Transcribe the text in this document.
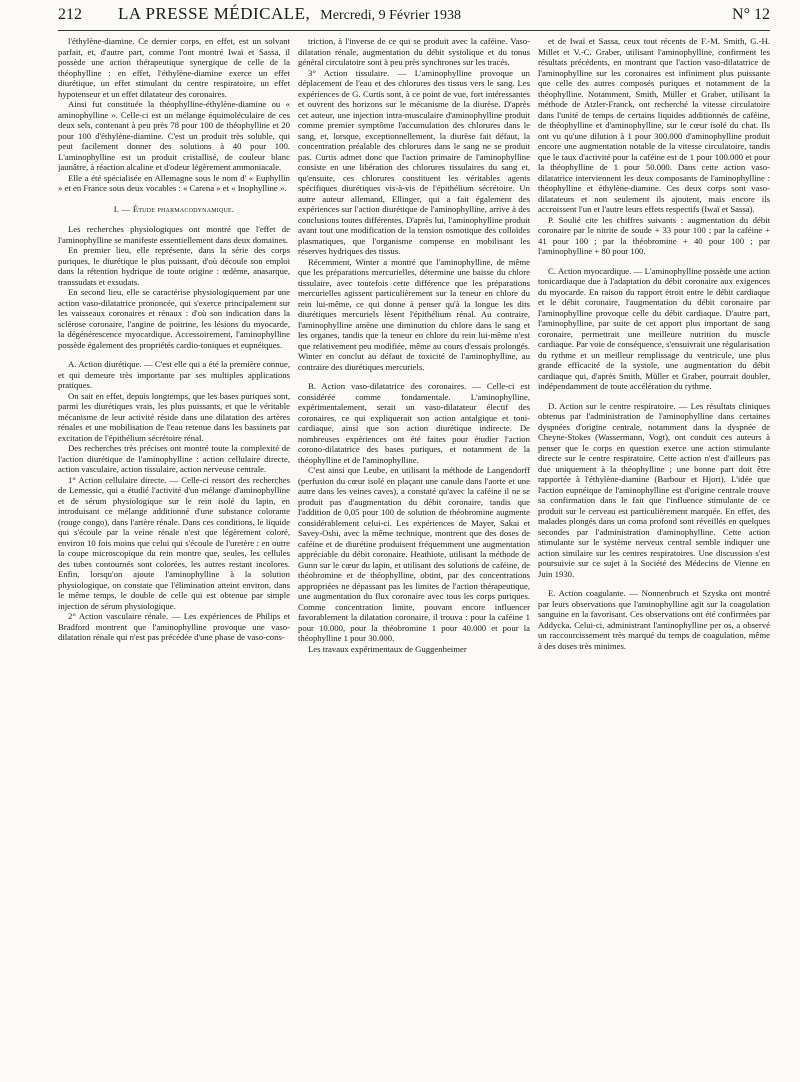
212	LA PRESSE MÉDICALE, Mercredi, 9 Février 1938	N° 12

l'éthylène-diamine. Ce dernier corps, en effet, est un solvant parfait, et, d'autre part, comme l'ont montré Iwaï et Sassa, il possède une action thérapeutique synergique de celle de la théophylline : en effet, l'éthylène-diamine exerce un effet diurétique, un effet stimulant du centre respiratoire, un effet hypotenseur et un effet dilatateur des coronaires.

Ainsi fut constituée la théophylline-éthylène-diamine ou « aminophylline ». Celle-ci est un mélange équimoléculaire de ces deux sels, contenant à peu près 78 pour 100 de théophylline et 20 pour 100 d'éthylène-diamine. C'est un produit très soluble, qui peut facilement donner des solutions à 40 pour 100. L'aminophylline est un produit cristallisé, de couleur blanc jaunâtre, à réaction alcaline et d'odeur légèrement ammoniacale.

Elle a été spécialisée en Allemagne sous le nom d' « Euphyllin » et en France sous deux vocables : « Carena » et « Inophylline ».

I. — Étude pharmacodynamique.

Les recherches physiologiques ont montré que l'effet de l'aminophylline se manifeste essentiellement dans deux domaines.

En premier lieu, elle représente, dans la série des corps puriques, le diurétique le plus puissant, d'où découle son emploi dans la rétention hydrique de toute origine : œdème, anasarque, transsudats et exsudats.

En second lieu, elle se caractérise physiologiquement par une action vaso-dilatatrice prononcée, qui s'exerce principalement sur les vaisseaux coronaires et rénaux : d'où son indication dans la sclérose coronaire, l'angine de poitrine, les lésions du myocarde, la dégénérescence myocardique. Accessoirement, l'aminophylline possède également des propriétés cardio-toniques et eupnéiques.

A. Action diurétique. — C'est elle qui a été la première connue, et qui demeure très importante par ses multiples applications pratiques.

On sait en effet, depuis longtemps, que les bases puriques sont, parmi les diurétiques vrais, les plus puissants, et que le véritable mécanisme de leur activité réside dans une dilatation des artères rénales et une mobilisation de l'eau retenue dans les bassinets par excitation de l'épithélium sécrétoire rénal.

Des recherches très précises ont montré toute la complexité de l'action diurétique de l'aminophylline : action cellulaire directe, action vasculaire, action tissulaire, action nerveuse centrale.

1° Action cellulaire directe. — Celle-ci ressort des recherches de Lemessic, qui a étudié l'activité d'un mélange d'aminophylline et de sérum physiologique sur le rein isolé du lapin, en introduisant ce mélange additionné d'une substance colorante (rouge congo), dans l'artère rénale. Dans ces conditions, le liquide qui s'écoule par la veine rénale n'est que légèrement coloré, environ 10 fois moins que celui qui s'écoule de l'uretère : en outre la coupe microscopique du rein montre que, seules, les cellules des tubes contournés sont colorées, les autres restant incolores. Enfin, lorsqu'on ajoute l'aminophylline à la solution physiologique, on constate que l'élimination atteint environ, dans le même temps, le double de celle qui est obtenue par simple injection de sérum physiologique.

2° Action vasculaire rénale. — Les expériences de Philips et Bradford montrent que l'aminophylline provoque une vaso-dilatation rénale qui n'est pas précédée d'une phase de vaso-cons-

triction, à l'inverse de ce qui se produit avec la caféine. Vaso-dilatation rénale, augmentation du débit systolique et du tonus général circulatoire sont à peu près synchrones sur les tracés.

3° Action tissulaire. — L'aminophylline provoque un déplacement de l'eau et des chlorures des tissus vers le sang. Les expériences de G. Curtis sont, à ce point de vue, fort intéressantes et ouvrent des horizons sur le mécanisme de la diurèse. D'après cet auteur, une injection intra-musculaire d'aminophylline produit comme premier symptôme l'accumulation des chlorures dans le sang, et, lorsque, exceptionnellement, la diurèse fait défaut, la concentration préalable des chlorures dans le sang ne se produit pas. Curtis admet donc que l'action primaire de l'aminophylline consiste en une libération des chlorures tissulaires du sang et, qu'ensuite, ces chlorures constituent les véritables agents spécifiques diurétiques vis-à-vis de l'épithélium sécrétoire. Un autre auteur allemand, Ellinger, qui a fait également des expériences sur l'action diurétique de l'aminophylline, arrive à des conclusions toutes différentes. D'après lui, l'aminophylline produit avant tout une modification de la tension osmotique des colloïdes plasmatiques, que l'organisme compense en mobilisant les réserves hydriques des tissus.

Récemment, Winter a montré que l'aminophylline, de même que les préparations mercurielles, détermine une baisse du chlore tissulaire, avec toutefois cette différence que les préparations mercurielles agissent particulièrement sur la teneur en chlore du rein lui-même, ce qui donne à penser qu'à la longue les dits diurétiques mercuriels lèsent l'épithélium rénal. Au contraire, l'aminophylline amène une diminution du chlore dans le sang et les organes, tandis que la teneur en chlore du rein lui-même n'est que relativement peu modifiée, même au cours d'essais prolongés. Winter en conclut au défaut de toxicité de l'aminophylline, au contraire des diurétiques mercuriels.

B. Action vaso-dilatatrice des coronaires. — Celle-ci est considérée comme fondamentale. L'aminophylline, expérimentalement, serait un vaso-dilatateur électif des coronaires, ce qui expliquerait son action antalgique et toni-cardiaque, ainsi que son action diurétique indirecte. De nombreuses expériences ont été faites pour étudier l'action corono-dilatatrice des bases puriques, et notamment de la théophylline et de l'aminophylline.

C'est ainsi que Leube, en utilisant la méthode de Langendorff (perfusion du cœur isolé en plaçant une canule dans l'aorte et une autre dans les veines caves), a constaté qu'avec la caféine il ne se produit pas d'augmentation du débit coronaire, tandis que l'addition de 0,05 pour 100 de solution de théobromine augmente considérablement celui-ci. Les expériences de Mayer, Sakai et Savey-Oshi, avec la même technique, montrent que des doses de caféine et de diurétine produisent fréquemment une augmentation appréciable du débit coronaire. Heathiote, utilisant la méthode de Gunn sur le cœur du lapin, et utilisant des solutions de caféine, de théobromine et de théophylline, obtint, par des concentrations appropriées ne dépassant pas les limites de l'action thérapeutique, une augmentation du flux coronaire avec tous les corps puriques. Comme concentration limite, pouvant encore influencer favorablement la dilatation coronaire, il trouva : pour la caféine 1 pour 10.000, pour la théobromine 1 pour 40.000 et pour la théophylline 1 pour 30.000.

Les travaux expérimentaux de Guggenheimer

et de Iwaï et Sassa, ceux tout récents de F.-M. Smith, G.-H. Millet et V.-C. Graber, utilisant l'aminophylline, confirment les résultats précédents, en montrant que l'action vaso-dilatatrice de l'aminophylline sur les coronaires est infiniment plus puissante que celle des autres composés puriques et notamment de la théophylline. Notamment, Smith, Müller et Graber, utilisant la méthode de Atzler-Franck, ont recherché la vitesse circulatoire dans l'unité de temps de certains liquides additionnés de caféine, de théophylline et d'aminophylline, sur le cœur isolé du chat. Ils ont vu qu'une dilution à 1 pour 300.000 d'aminophylline produit encore une augmentation notable de la vitesse circulatoire, tandis que le taux d'activité pour la caféine est de 1 pour 100.000 et pour la théophylline de 1 pour 50.000. Dans cette action vaso-dilatatrice interviennent les deux composants de l'aminophylline : théophylline et éthylène-diamine. Ces deux corps sont vaso-dilatateurs et non seulement ils ajoutent, mais encore ils accroissent l'un et l'autre leurs effets respectifs (Iwaï et Sassa).

P. Soulié cite les chiffres suivants : augmentation du débit coronaire par le nitrite de soude + 33 pour 100 ; par la caféine + 41 pour 100 ; par la théobromine + 40 pour 100 ; par l'aminophylline + 80 pour 100.

C. Action myocardique. — L'aminophylline possède une action tonicardiaque due à l'adaptation du débit coronaire aux exigences du myocarde. En raison du rapport étroit entre le débit cardiaque et le débit coronaire, l'augmentation du débit coronaire par l'aminophylline provoque celle du débit cardiaque. D'autre part, l'aminophylline, par suite de cet apport plus important de sang coronaire, permettrait une meilleure nutrition du muscle cardiaque. Par voie de conséquence, s'ensuivrait une régularisation du rythme et un meilleur remplissage du ventricule, une plus grande efficacité de la systole, une augmentation du débit cardiaque qui, d'après Smith, Müller et Graber, pourrait doubler, indépendamment de toute accélération du rythme.

D. Action sur le centre respiratoire. — Les résultats cliniques obtenus par l'administration de l'aminophylline dans certaines dyspnées d'origine centrale, notamment dans la dyspnée de Cheyne-Stokes (Wassermann, Vogt), ont conduit ces auteurs à penser que le corps en question exerce une action stimulante directe sur le centre respiratoire. Cette action n'est d'ailleurs pas due uniquement à la théophylline ; une bonne part doit être rapportée à l'éthylène-diamine (Barbour et Hjort). L'idée que l'action eupnéique de l'aminophylline est d'origine centrale trouve sa confirmation dans le fait que l'influence stimulante de ce produit sur le cerveau est particulièrement marquée. En effet, des malades plongés dans un coma profond sont réveillés en quelques secondes par l'administration d'aminophylline. Cette action stimulante sur le système nerveux central semble indiquer une action similaire sur les centres respiratoires. Une discussion s'est poursuivie sur ce sujet à la Société des Médecins de Vienne en Juin 1930.

E. Action coagulante. — Nonnenbruch et Szyska ont montré par leurs observations que l'aminophylline agit sur la coagulation sanguine en la favorisant. Ces observations ont été confirmées par Addycka. Celui-ci, administrant l'aminophylline per os, a observé un raccourcissement très marqué du temps de coagulation, même à des doses très minimes.
